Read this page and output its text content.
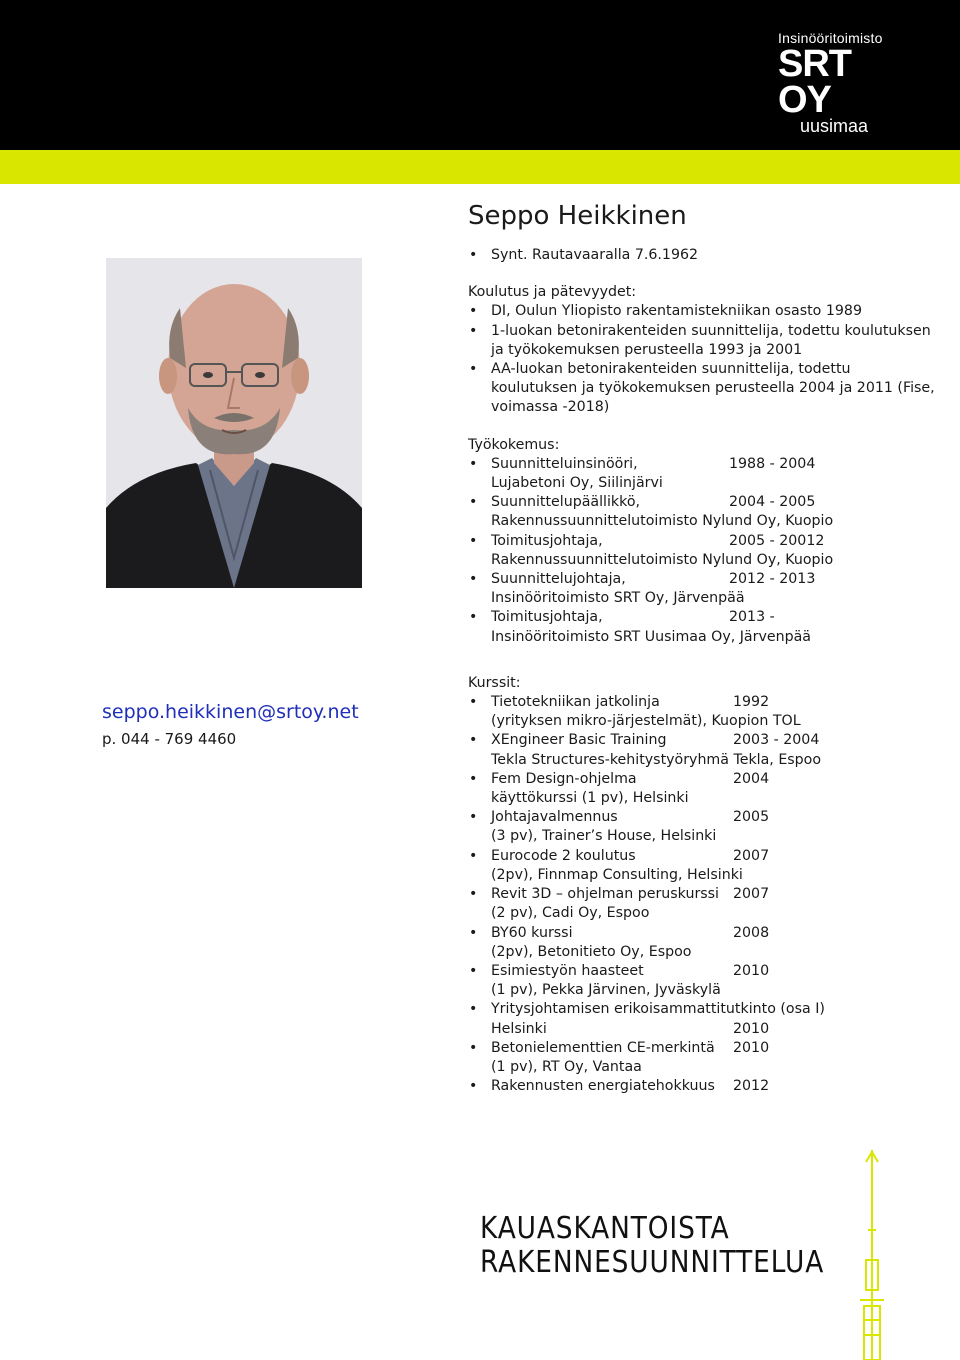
Insinööritoimisto
SRT OY
uusimaa
seppo.heikkinen@srtoy.net
p. 044 - 769 4460
Seppo Heikkinen
• Synt. Rautavaaralla 7.6.1962
Koulutus ja pätevyydet:
• DI, Oulun Yliopisto rakentamistekniikan osasto 1989
• 1-luokan betonirakenteiden suunnittelija, todettu koulutuksen ja työkokemuksen perusteella 1993 ja 2001
• AA-luokan betonirakenteiden suunnittelija, todettu koulutuksen ja työkokemuksen perusteella 2004 ja 2011 (Fise, voimassa -2018)
Työkokemus:
• Suunnitteluinsinööri,	1988 - 2004
Lujabetoni Oy, Siilinjärvi
• Suunnittelupäällikkö,	2004 - 2005
Rakennussuunnittelutoimisto Nylund Oy, Kuopio
• Toimitusjohtaja,	2005 - 20012
Rakennussuunnittelutoimisto Nylund Oy, Kuopio
• Suunnittelujohtaja,	2012 - 2013
Insinööritoimisto SRT Oy, Järvenpää
• Toimitusjohtaja,	2013 -
Insinööritoimisto SRT Uusimaa Oy, Järvenpää
Kurssit:
• Tietotekniikan jatkolinja	1992
(yrityksen mikro-järjestelmät), Kuopion TOL
• XEngineer Basic Training	2003 - 2004
Tekla Structures-kehitystyöryhmä Tekla, Espoo
• Fem Design-ohjelma	2004
käyttökurssi (1 pv), Helsinki
• Johtajavalmennus	2005
(3 pv), Trainer’s House, Helsinki
• Eurocode 2 koulutus	2007
(2pv), Finnmap Consulting, Helsinki
• Revit 3D – ohjelman peruskurssi 2007
(2 pv), Cadi Oy, Espoo
• BY60 kurssi	2008
(2pv), Betonitieto Oy, Espoo
• Esimiestyön haasteet	2010
(1 pv), Pekka Järvinen, Jyväskylä
• Yritysjohtamisen erikoisammattitutkinto (osa I)
Helsinki	2010
• Betonielementtien CE-merkintä	2010
(1 pv), RT Oy, Vantaa
• Rakennusten energiatehokkuus	2012
KAUASKANTOISTA
RAKENNESUUNNITTELUA
